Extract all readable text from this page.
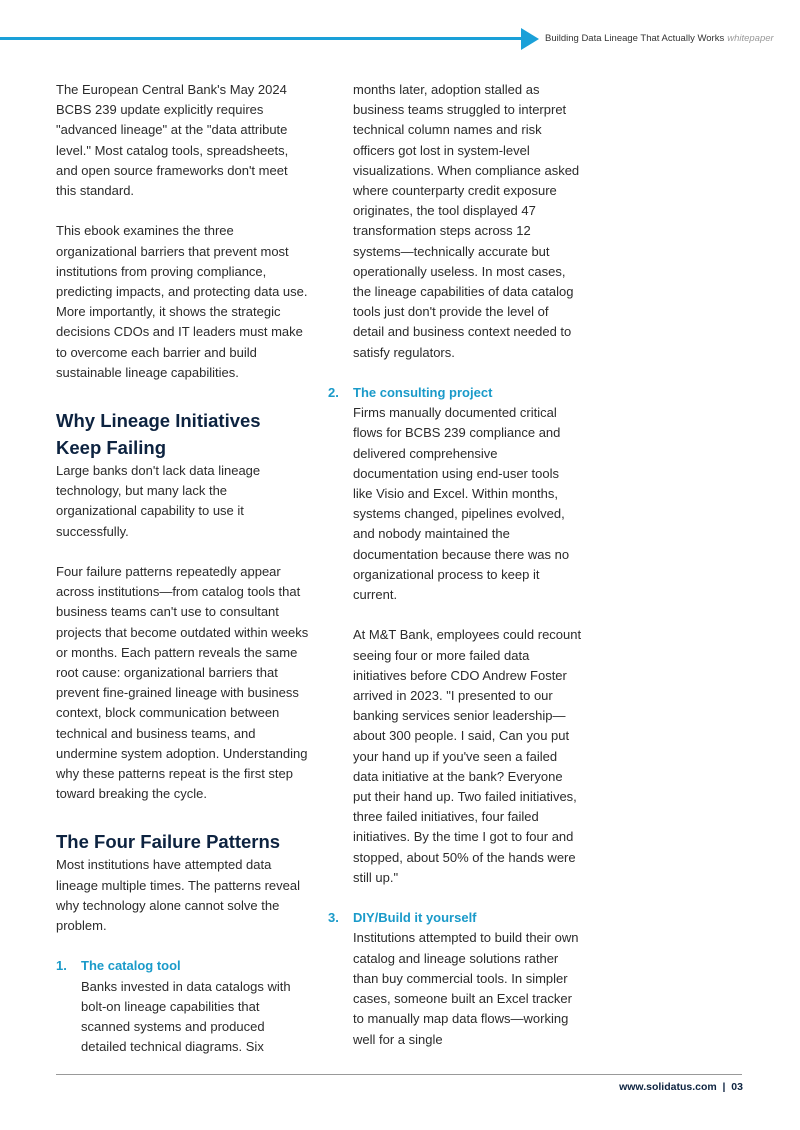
Building Data Lineage That Actually Works whitepaper

The European Central Bank's May 2024 BCBS 239 update explicitly requires "advanced lineage" at the "data attribute level." Most catalog tools, spreadsheets, and open source frameworks don't meet this standard.

This ebook examines the three organizational barriers that prevent most institutions from proving compliance, predicting impacts, and protecting data use. More importantly, it shows the strategic decisions CDOs and IT leaders must make to overcome each barrier and build sustainable lineage capabilities.

Why Lineage Initiatives Keep Failing

Large banks don't lack data lineage technology, but many lack the organizational capability to use it successfully.

Four failure patterns repeatedly appear across institutions—from catalog tools that business teams can't use to consultant projects that become outdated within weeks or months. Each pattern reveals the same root cause: organizational barriers that prevent fine-grained lineage with business context, block communication between technical and business teams, and undermine system adoption. Understanding why these patterns repeat is the first step toward breaking the cycle.

The Four Failure Patterns

Most institutions have attempted data lineage multiple times. The patterns reveal why technology alone cannot solve the problem.

1. The catalog tool
Banks invested in data catalogs with bolt-on lineage capabilities that scanned systems and produced detailed technical diagrams. Six

months later, adoption stalled as business teams struggled to interpret technical column names and risk officers got lost in system-level visualizations. When compliance asked where counterparty credit exposure originates, the tool displayed 47 transformation steps across 12 systems—technically accurate but operationally useless. In most cases, the lineage capabilities of data catalog tools just don't provide the level of detail and business context needed to satisfy regulators.

2. The consulting project
Firms manually documented critical flows for BCBS 239 compliance and delivered comprehensive documentation using end-user tools like Visio and Excel. Within months, systems changed, pipelines evolved, and nobody maintained the documentation because there was no organizational process to keep it current.
At M&T Bank, employees could recount seeing four or more failed data initiatives before CDO Andrew Foster arrived in 2023. "I presented to our banking services senior leadership—about 300 people. I said, Can you put your hand up if you've seen a failed data initiative at the bank? Everyone put their hand up. Two failed initiatives, three failed initiatives, four failed initiatives. By the time I got to four and stopped, about 50% of the hands were still up."
3. DIY/Build it yourself
Institutions attempted to build their own catalog and lineage solutions rather than buy commercial tools. In simpler cases, someone built an Excel tracker to manually map data flows—working well for a single
www.solidatus.com  |  03
